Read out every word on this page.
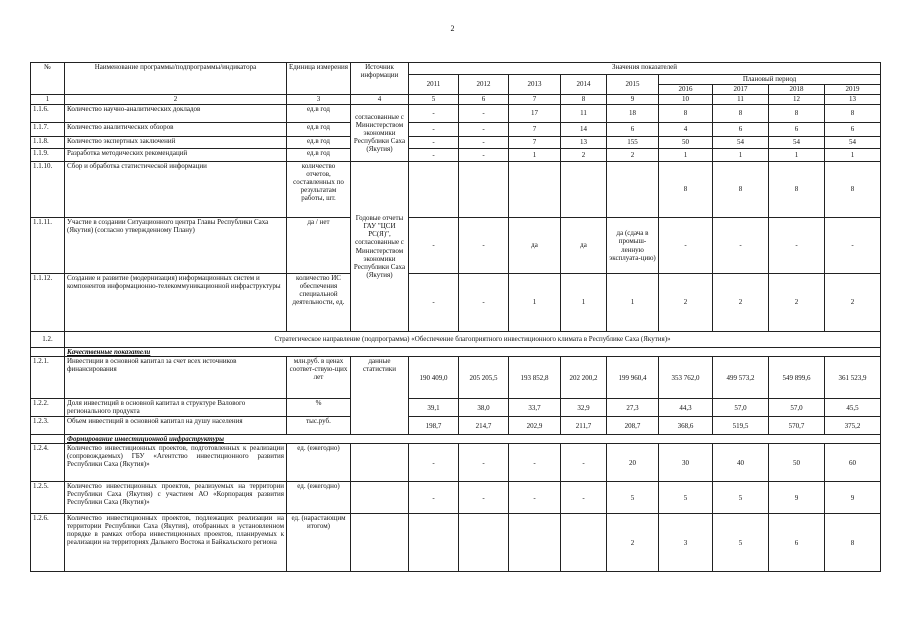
2
№	Наименование программы/подпрограммы/индикатора	Единица измерения	Источник информации	Значения показателей								
				2011	2012	2013	2014	2015	Плановый период			
									2016	2017	2018	2019
1	2	3	4	5	6	7	8	9	10	11	12	13
1.1.6.	Количество научно-аналитических докладов	ед.в год	согласованные с Министерством экономики Республики Саха (Якутия)	-	-	17	11	18	8	8	8	8
1.1.7.	Количество аналитических обзоров	ед.в год		-	-	7	14	6	4	6	6	6
1.1.8.	Количество экспертных заключений	ед.в год		-	-	7	13	155	50	54	54	54
1.1.9.	Разработка методических рекомендаций	ед.в год		-	-	1	2	2	1	1	1	1
1.1.10.	Сбор и обработка статистической информации	количество отчетов, составленных по результатам работы, шт.	Годовые отчеты ГАУ "ЦСИ РС(Я)", согласованные с Министерством экономики Республики Саха (Якутия)						8	8	8	8
1.1.11.	Участие в создании Ситуационного центра Главы Республики Саха (Якутия) (согласно утвержденному Плану)	да / нет		-	-	да	да	да (сдача в промыш-ленную эксплуата-цию)	-	-	-	-
1.1.12.	Создание и развитие (модернизация) информационных систем и компонентов информационно-телекоммуникационной инфраструктуры	количество ИС обеспечения специальной деятельности, ед.		-	-	1	1	1	2	2	2	2
1.2.	Стратегическое направление (подпрограмма) «Обеспечение благоприятного инвестиционного климата в Республике Саха (Якутия)»											
	Качественные показатели											
1.2.1.	Инвестиции в основной капитал за счет всех источников финансирования	млн.руб. в ценах соответ-ствую-щих лет	данные статистики	190 409,0	205 205,5	193 852,8	202 200,2	199 960,4	353 762,0	499 573,2	549 899,6	361 523,9
1.2.2.	Доля инвестиций в основной капитал в структуре Валового регионального продукта	%		39,1	38,0	33,7	32,9	27,3	44,3	57,0	57,0	45,5
1.2.3.	Объем инвестиций в основной капитал на душу населения	тыс.руб.		198,7	214,7	202,9	211,7	208,7	368,6	519,5	570,7	375,2
	Формирование инвестиционной инфраструктуры											
1.2.4.	Количество инвестиционных проектов, подготовленных к реализации (сопровождаемых) ГБУ «Агентство инвестиционного развития Республики Саха (Якутия)»	ед. (ежегодно)		-	-	-	-	20	30	40	50	60
1.2.5.	Количество инвестиционных проектов, реализуемых на территории Республики Саха (Якутия) с участием АО «Корпорация развития Республики Саха (Якутия)»	ед. (ежегодно)		-	-	-	-	5	5	5	9	9
1.2.6.	Количество инвестиционных проектов, подлежащих реализации на территории Республики Саха (Якутия), отобранных в установленном порядке в рамках отбора инвестиционных проектов, планируемых к реализации на территориях Дальнего Востока и Байкальского региона	ед. (нарастающим итогом)						2	3	5	6	8
